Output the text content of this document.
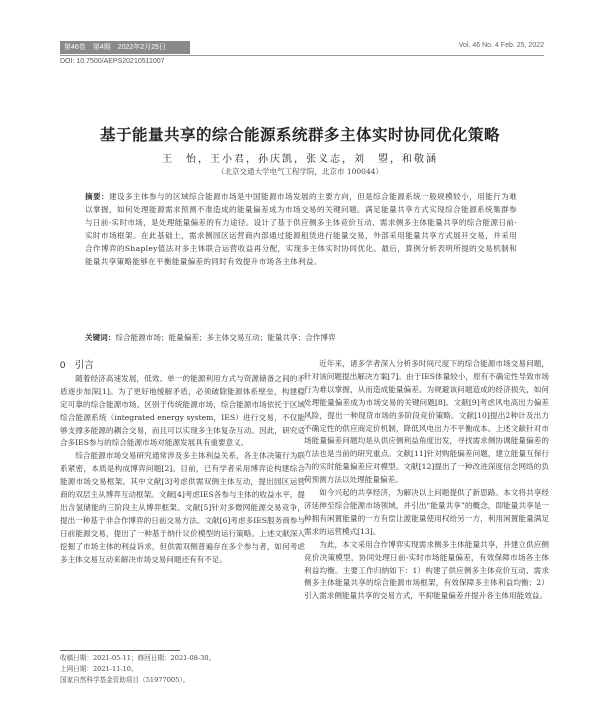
第46卷　第4期　2022年2月25日	Vol. 46 No. 4 Feb. 25, 2022
DOI: 10.7500/AEPS20210511007
基于能量共享的综合能源系统群多主体实时协同优化策略
王　怡，王小君，孙庆凯，张义志，刘　曌，和敬涵
（北京交通大学电气工程学院，北京市 100044）
摘要：建设多主体参与的区域综合能源市场是中国能源市场发展的主要方向，但是综合能源系统一般规模较小，用能行为难以掌握，如何处理能源需求预测不准造成的能量偏差成为市场交易的关键问题。满足能量共享方式实现综合能源系统集群参与日前-实时市场，是处理能量偏差的有力途径。设计了基于供应侧多主体竞价互动、需求侧多主体能量共享的综合能源日前-实时市场框架。在此基础上，需求侧园区运营商内部通过能源租赁进行能量交易，外部采用能量共享方式展开交易，并采用合作博弈的Shapley值法对多主体联合运营收益再分配，实现多主体实时协同优化。最后，算例分析表明所提的交易机制和能量共享策略能够在平衡能量偏差的同时有效提升市场各主体利益。
关键词：综合能源市场；能量偏差；多主体交易互动；能量共享；合作博弈

0　引言

随着经济高速发展，低效、单一的能源利用方式与资源储备之间的矛盾逐步加深[1]。为了更好地缓解矛盾，必须破除能源体系壁垒，构建稳定可靠的综合能源市场。区别于传统能源市场，综合能源市场依托于区域综合能源系统（integrated energy system，IES）进行交易，不仅能够支撑多能源的耦合交易，而且可以实现多主体复杂互动。因此，研究适合多IES参与的综合能源市场对能源发展具有重要意义。

综合能源市场交易研究通常涉及多主体利益关系，各主体决策行为联系紧密，本质是构成博弈问题[2]。目前，已有学者采用博弈论构建综合能源市场交易框架。其中文献[3]考虑供需双侧主体互动，提出园区运营商的双层主从博弈互动框架。文献[4]考虑IES各参与主体的收益水平，提出含氢储能的三阶段主从博弈框架。文献[5]针对多微网能源交易竞争，提出一种基于非合作博弈的日前交易方法。文献[6]考虑多IES服务商参与日前能源交易，提出了一种基于纳什议价模型的运行策略。上述文献深入挖掘了市场主体的利益诉求，但供需双侧普遍存在多个参与者，如何考虑多主体交易互动来解决市场交易问题还有有不足。

近年来，诸多学者深入分析多时间尺度下的综合能源市场交易问题，针对该问题提出解决方案[7]。由于IES体量较小，原有不确定性导致市场行为难以掌握，从而造成能量偏差。为规避该问题造成的经济损失，如何处理能量偏差成为市场交易的关键问题[8]。文献[9]考虑风电高出力偏差风险，提出一种现货市场的多阶段竞价策略。文献[10]提出2种计及出力不确定性的供应商定价机制，降低风电出力不平衡成本。上述文献针对市场能量偏差问题均是从供应侧利益角度出发，寻找需求侧协调能量偏差的方法也是当前的研究重点。文献[11]针对购能偏差问题，建立能量互保行为的实时能量偏差应对模型。文献[12]提出了一种改进深度信念网络的负荷预测方法以处理能量偏差。

如今兴起的共享经济，为解决以上问题提供了新思路。本文将共享经济延伸至综合能源市场领域，并引出“能量共享”的概念，即能量共享是一种拥有闲置能量的一方有偿让渡能量使用权给另一方，利用闲置能量满足需求的运营模式[13]。

为此，本文采用合作博弈实现需求侧多主体能量共享，并建立供应侧竞价决策模型，协同处理日前-实时市场能量偏差，有效保障市场各主体利益均衡。主要工作归纳如下：1）构建了供应侧多主体竞价互动、需求侧多主体能量共享的综合能源市场框架，有效保障多主体利益均衡；2）引入需求侧能量共享的交易方式，平抑能量偏差并提升各主体用能效益。

收稿日期：2021-05-11；修回日期：2021-08-30。
上网日期：2021-11-10。
国家自然科学基金资助项目（51977005）。
